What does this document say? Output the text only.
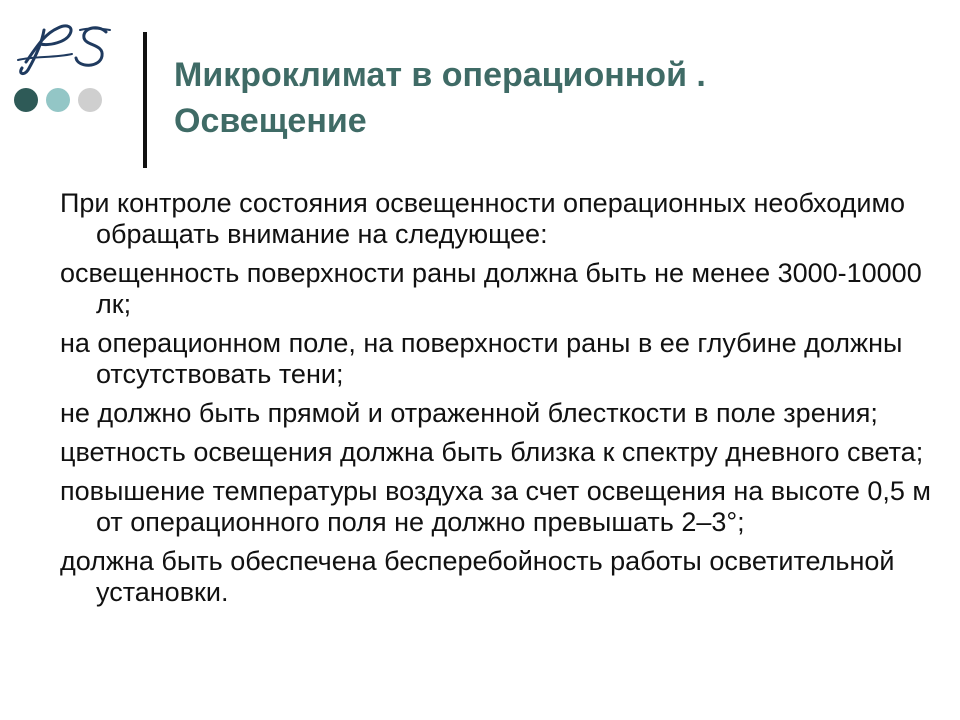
Микроклимат в операционной .
Освещение

При контроле состояния освещенности операционных необходимо обращать внимание на следующее:

освещенность поверхности раны должна быть не менее 3000-10000 лк;

на операционном поле, на поверхности раны в ее глубине должны отсутствовать тени;

не должно быть прямой и отраженной блесткости в поле зрения;

цветность освещения должна быть близка к спектру дневного света;

повышение температуры воздуха за счет освещения на высоте 0,5 м от операционного поля не должно превышать 2–3°;

должна быть обеспечена бесперебойность работы осветительной установки.
